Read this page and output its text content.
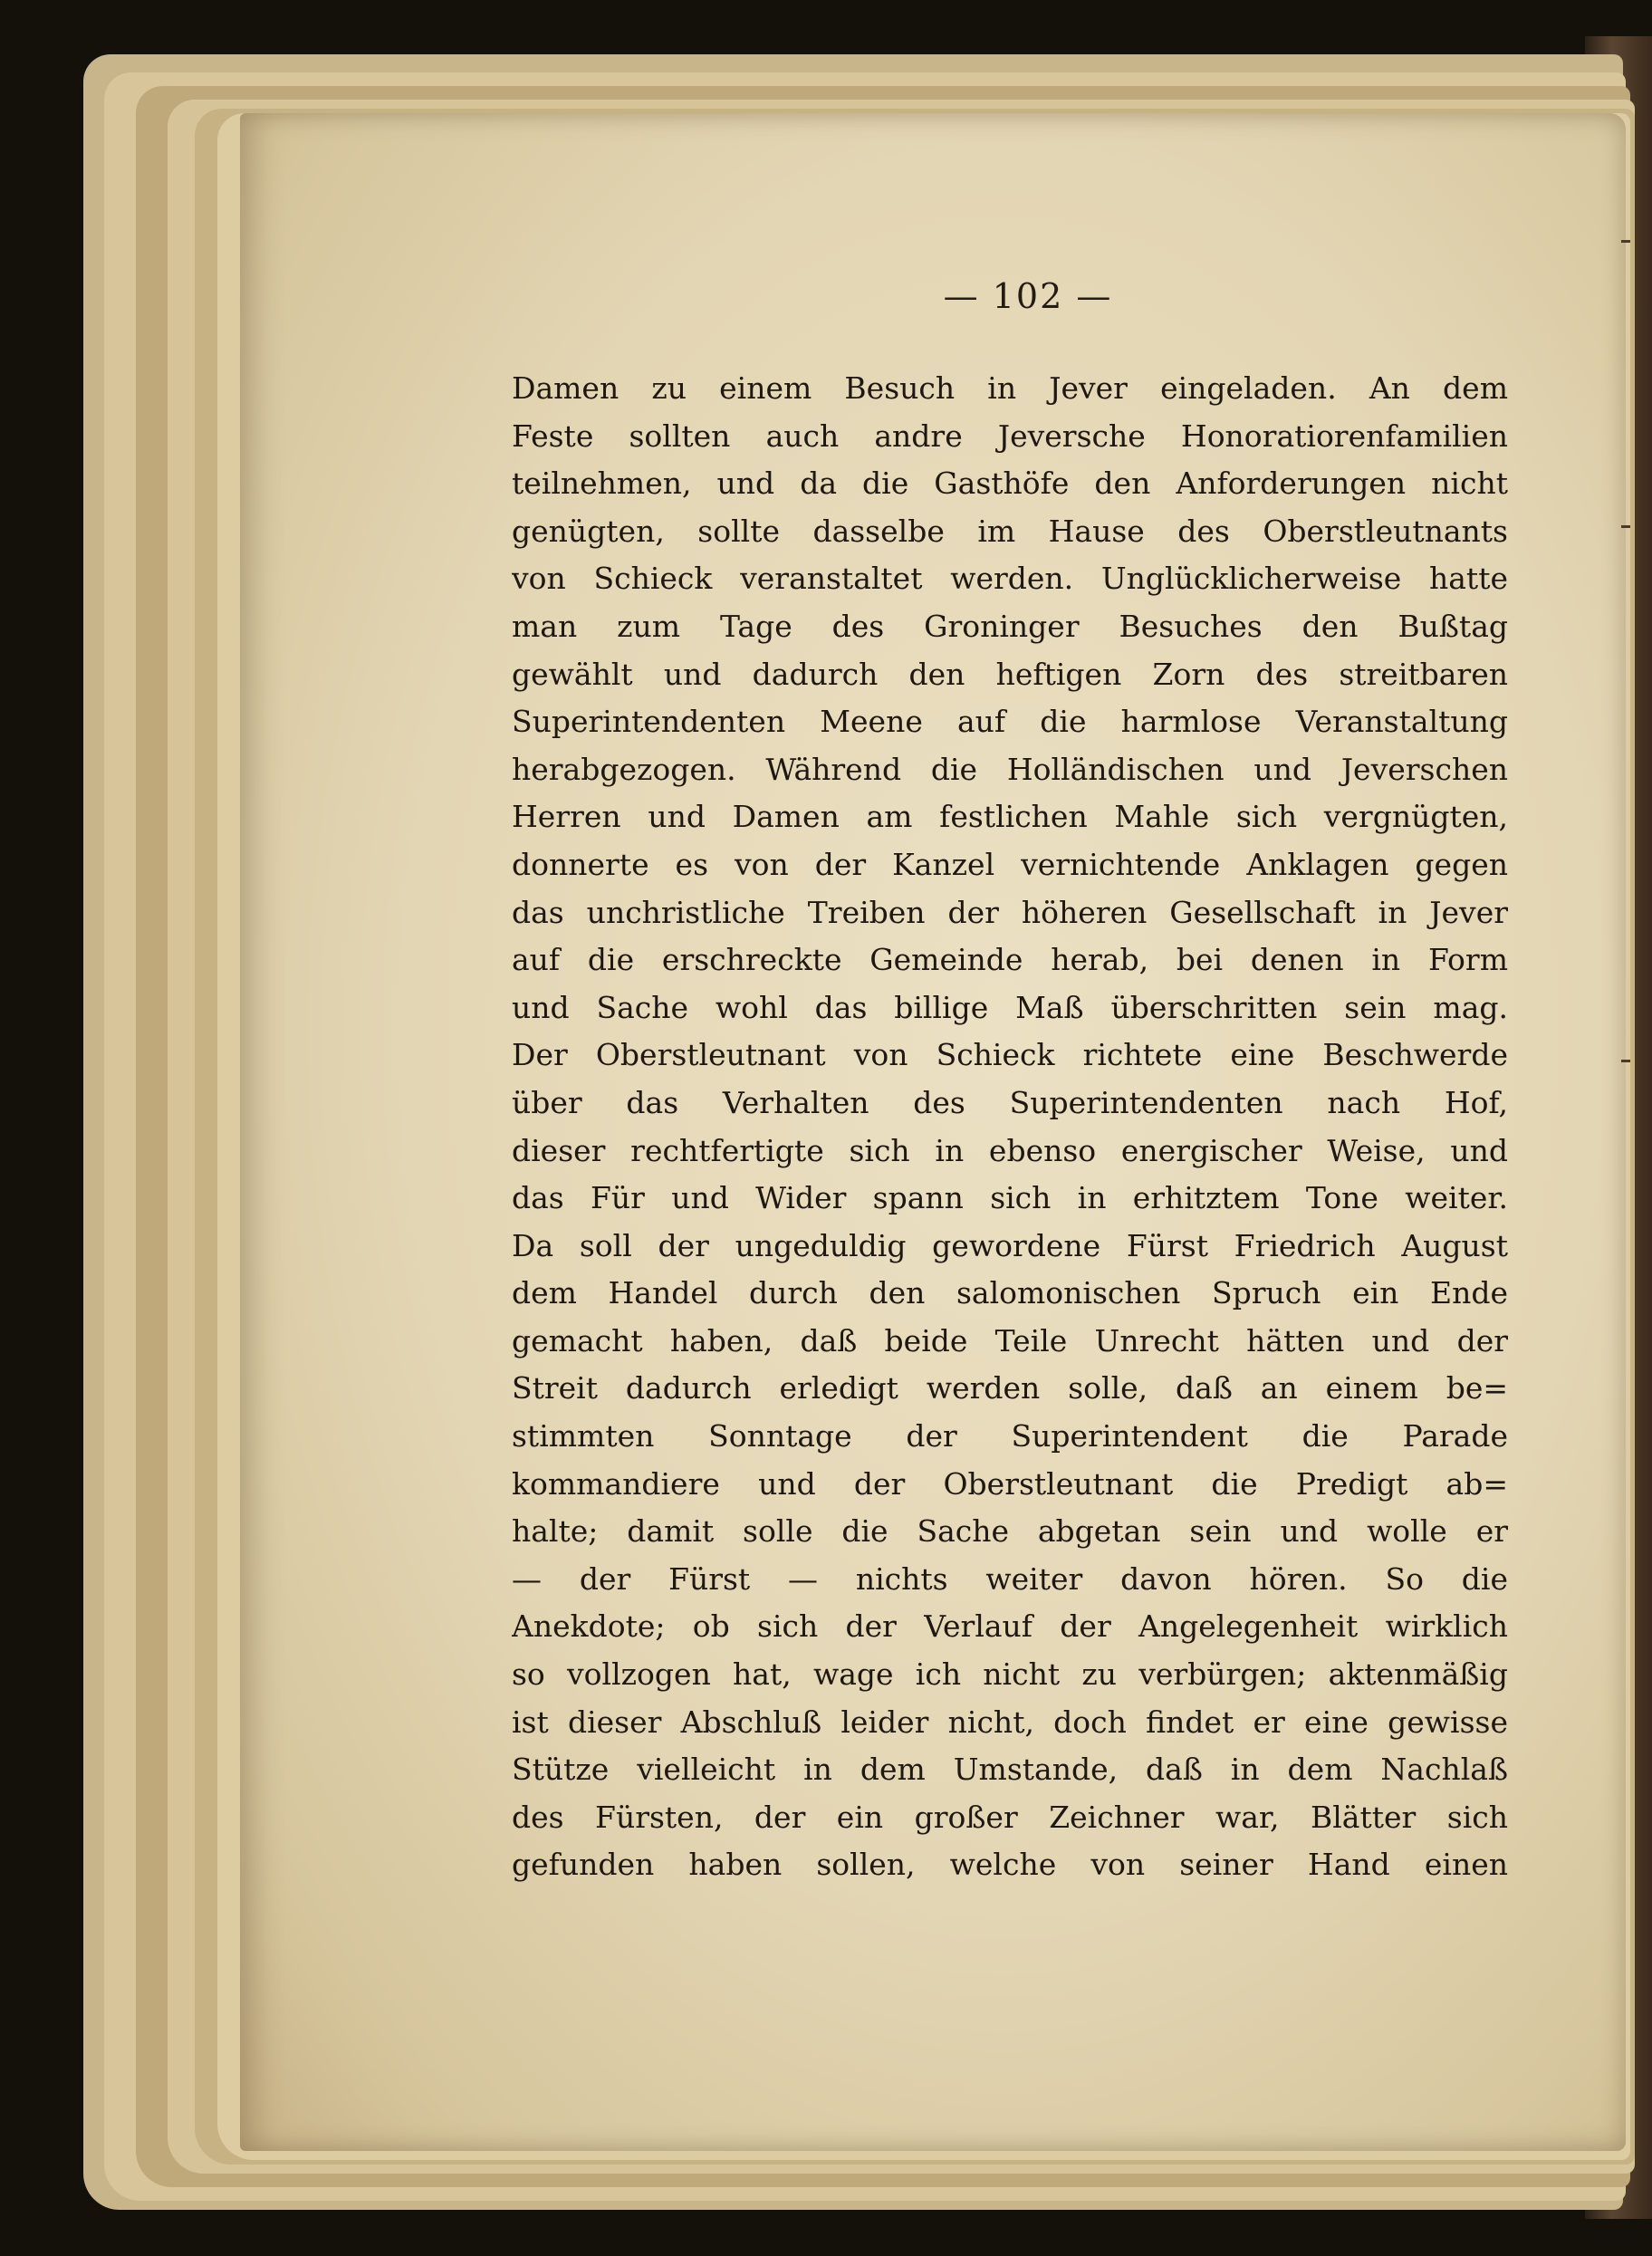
— 102 —
Damen zu einem Besuch in Jever eingeladen. An dem
Feste sollten auch andre Jeversche Honoratiorenfamilien
teilnehmen, und da die Gasthöfe den Anforderungen nicht
genügten, sollte dasselbe im Hause des Oberstleutnants
von Schieck veranstaltet werden. Unglücklicherweise hatte
man zum Tage des Groninger Besuches den Bußtag
gewählt und dadurch den heftigen Zorn des streitbaren
Superintendenten Meene auf die harmlose Veranstaltung
herabgezogen. Während die Holländischen und Jeverschen
Herren und Damen am festlichen Mahle sich vergnügten,
donnerte es von der Kanzel vernichtende Anklagen gegen
das unchristliche Treiben der höheren Gesellschaft in Jever
auf die erschreckte Gemeinde herab, bei denen in Form
und Sache wohl das billige Maß überschritten sein mag.
Der Oberstleutnant von Schieck richtete eine Beschwerde
über das Verhalten des Superintendenten nach Hof,
dieser rechtfertigte sich in ebenso energischer Weise, und
das Für und Wider spann sich in erhitztem Tone weiter.
Da soll der ungeduldig gewordene Fürst Friedrich August
dem Handel durch den salomonischen Spruch ein Ende
gemacht haben, daß beide Teile Unrecht hätten und der
Streit dadurch erledigt werden solle, daß an einem be=
stimmten Sonntage der Superintendent die Parade
kommandiere und der Oberstleutnant die Predigt ab=
halte; damit solle die Sache abgetan sein und wolle er
— der Fürst — nichts weiter davon hören. So die
Anekdote; ob sich der Verlauf der Angelegenheit wirklich
so vollzogen hat, wage ich nicht zu verbürgen; aktenmäßig
ist dieser Abschluß leider nicht, doch findet er eine gewisse
Stütze vielleicht in dem Umstande, daß in dem Nachlaß
des Fürsten, der ein großer Zeichner war, Blätter sich
gefunden haben sollen, welche von seiner Hand einen
